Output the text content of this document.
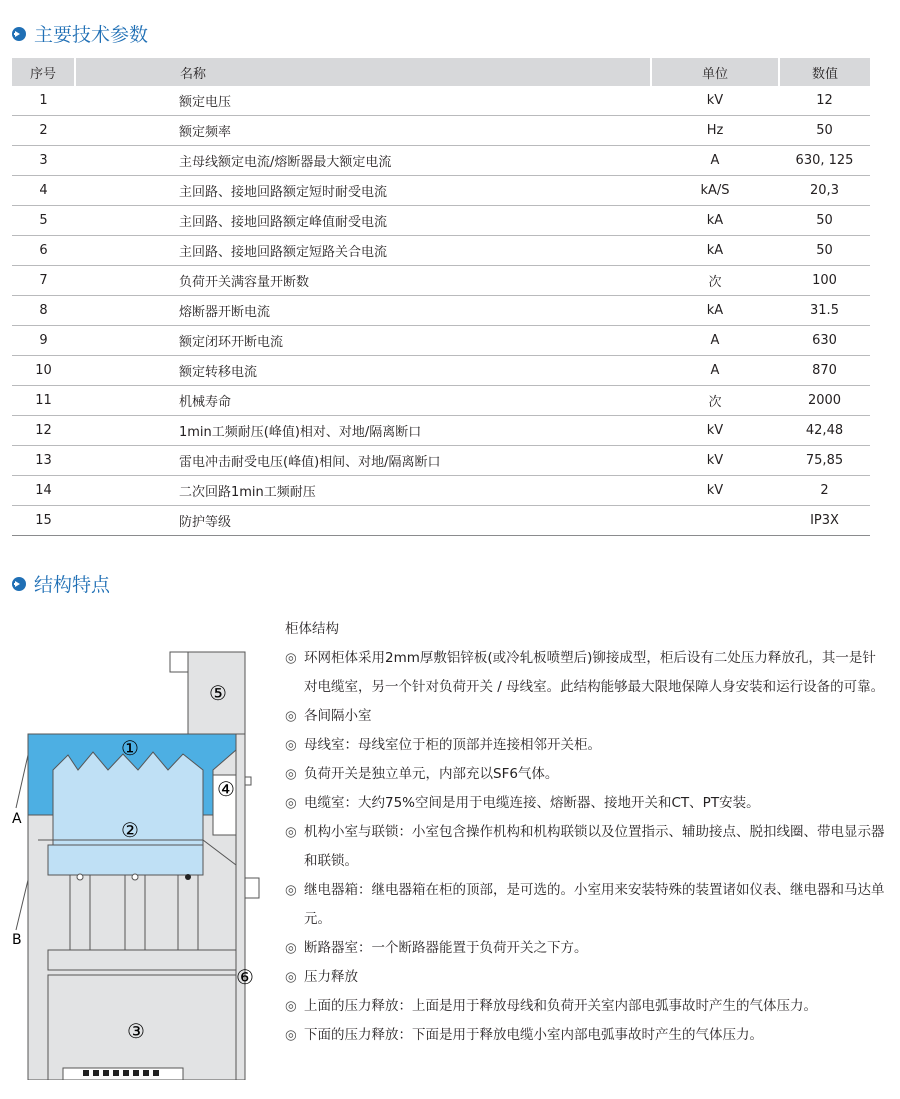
主要技术参数
序号	名称	单位	数值
1	额定电压	kV	12
2	额定频率	Hz	50
3	主母线额定电流/熔断器最大额定电流	A	630, 125
4	主回路、接地回路额定短时耐受电流	kA/S	20,3
5	主回路、接地回路额定峰值耐受电流	kA	50
6	主回路、接地回路额定短路关合电流	kA	50
7	负荷开关满容量开断数	次	100
8	熔断器开断电流	kA	31.5
9	额定闭环开断电流	A	630
10	额定转移电流	A	870
11	机械寿命	次	2000
12	1min工频耐压(峰值)相对、对地/隔离断口	kV	42,48
13	雷电冲击耐受电压(峰值)相间、对地/隔离断口	kV	75,85
14	二次回路1min工频耐压	kV	2
15	防护等级		IP3X
结构特点
⑤
①
④
②
⑥
③
A
B
柜体结构
◎ 环网柜体采用2mm厚敷铝锌板(或冷轧板喷塑后)铆接成型，柜后设有二处压力释放孔，其一是针对电缆室，另一个针对负荷开关 / 母线室。此结构能够最大限地保障人身安装和运行设备的可靠。
◎ 各间隔小室
◎ 母线室：母线室位于柜的顶部并连接相邻开关柜。
◎ 负荷开关是独立单元，内部充以SF6气体。
◎ 电缆室：大约75%空间是用于电缆连接、熔断器、接地开关和CT、PT安装。
◎ 机构小室与联锁：小室包含操作机构和机构联锁以及位置指示、辅助接点、脱扣线圈、带电显示器和联锁。
◎ 继电器箱：继电器箱在柜的顶部，是可选的。小室用来安装特殊的装置诸如仪表、继电器和马达单元。
◎ 断路器室：一个断路器能置于负荷开关之下方。
◎ 压力释放
◎ 上面的压力释放：上面是用于释放母线和负荷开关室内部电弧事故时产生的气体压力。
◎ 下面的压力释放：下面是用于释放电缆小室内部电弧事故时产生的气体压力。
